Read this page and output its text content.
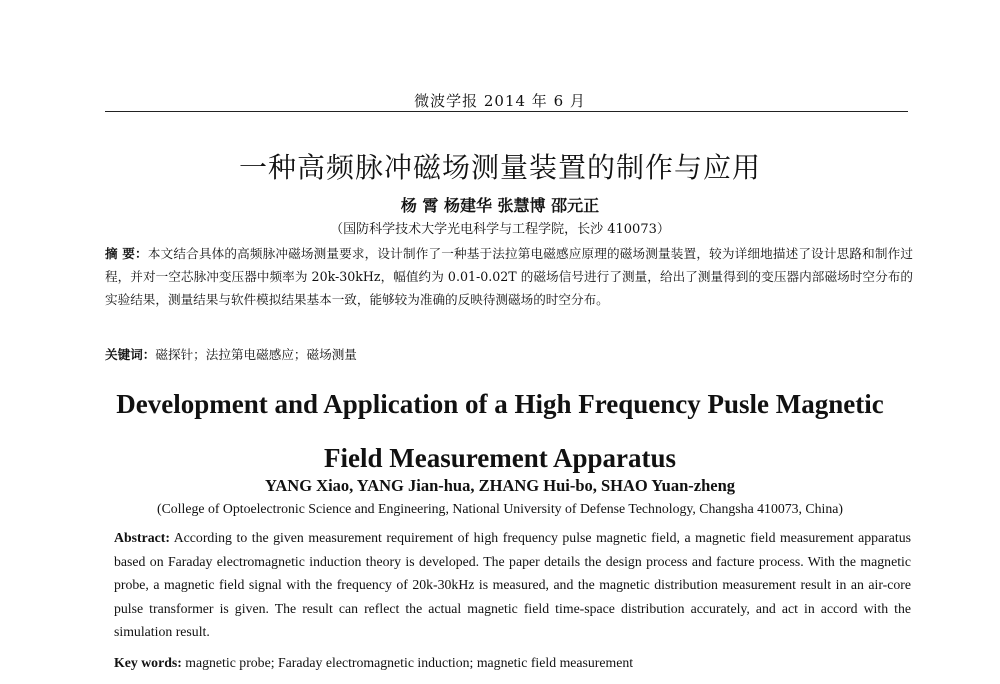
微波学报 2014 年 6 月
一种高频脉冲磁场测量装置的制作与应用
杨 霄 杨建华 张慧博 邵元正
（国防科学技术大学光电科学与工程学院，长沙 410073）
摘 要：本文结合具体的高频脉冲磁场测量要求，设计制作了一种基于法拉第电磁感应原理的磁场测量装置，较为详细地描述了设计思路和制作过程，并对一空芯脉冲变压器中频率为 20k-30kHz，幅值约为 0.01-0.02T 的磁场信号进行了测量，给出了测量得到的变压器内部磁场时空分布的实验结果，测量结果与软件模拟结果基本一致，能够较为准确的反映待测磁场的时空分布。
关键词：磁探针；法拉第电磁感应；磁场测量
Development and Application of a High Frequency Pusle Magnetic
Field Measurement Apparatus
YANG Xiao, YANG Jian-hua, ZHANG Hui-bo, SHAO Yuan-zheng
(College of Optoelectronic Science and Engineering, National University of Defense Technology, Changsha 410073, China)
Abstract: According to the given measurement requirement of high frequency pulse magnetic field, a magnetic field measurement apparatus based on Faraday electromagnetic induction theory is developed. The paper details the design process and facture process. With the magnetic probe, a magnetic field signal with the frequency of 20k-30kHz is measured, and the magnetic distribution measurement result in an air-core pulse transformer is given. The result can reflect the actual magnetic field time-space distribution accurately, and act in accord with the simulation result.
Key words: magnetic probe; Faraday electromagnetic induction; magnetic field measurement
